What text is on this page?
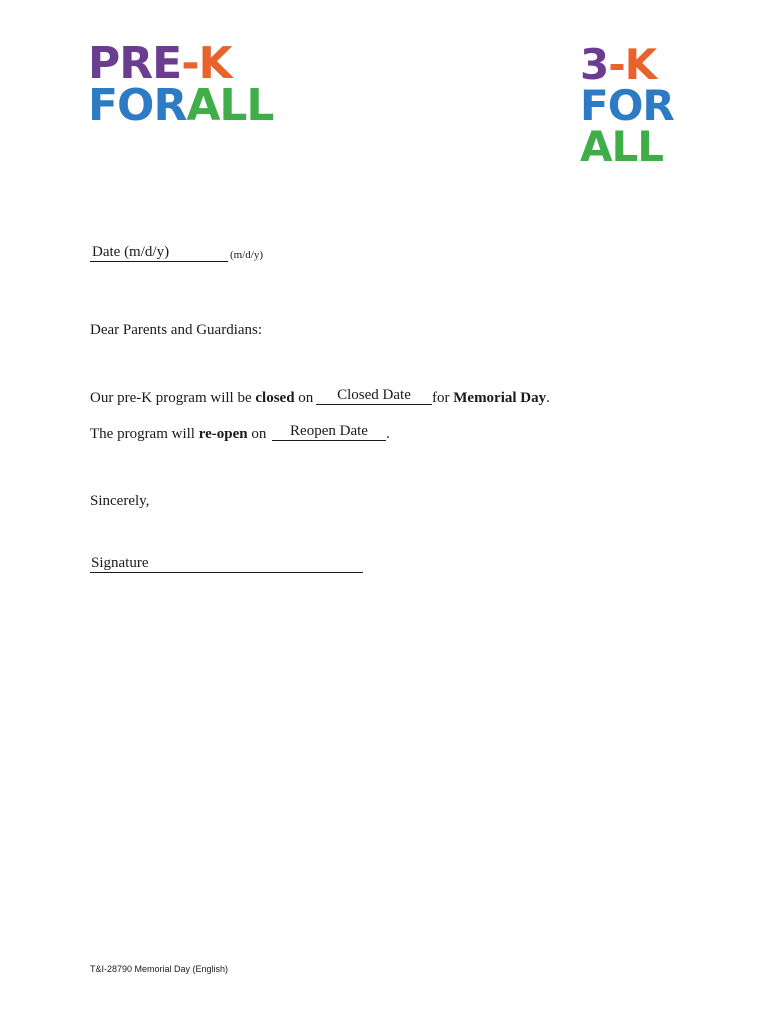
PRE-K
FORALL
3-K
FOR
ALL
Date (m/d/y)	(m/d/y)
Dear Parents and Guardians:
Our pre-K program will be closed on	Closed Date	for Memorial Day.
The program will re-open on	Reopen Date	.
Sincerely,
Signature
T&I-28790 Memorial Day (English)
